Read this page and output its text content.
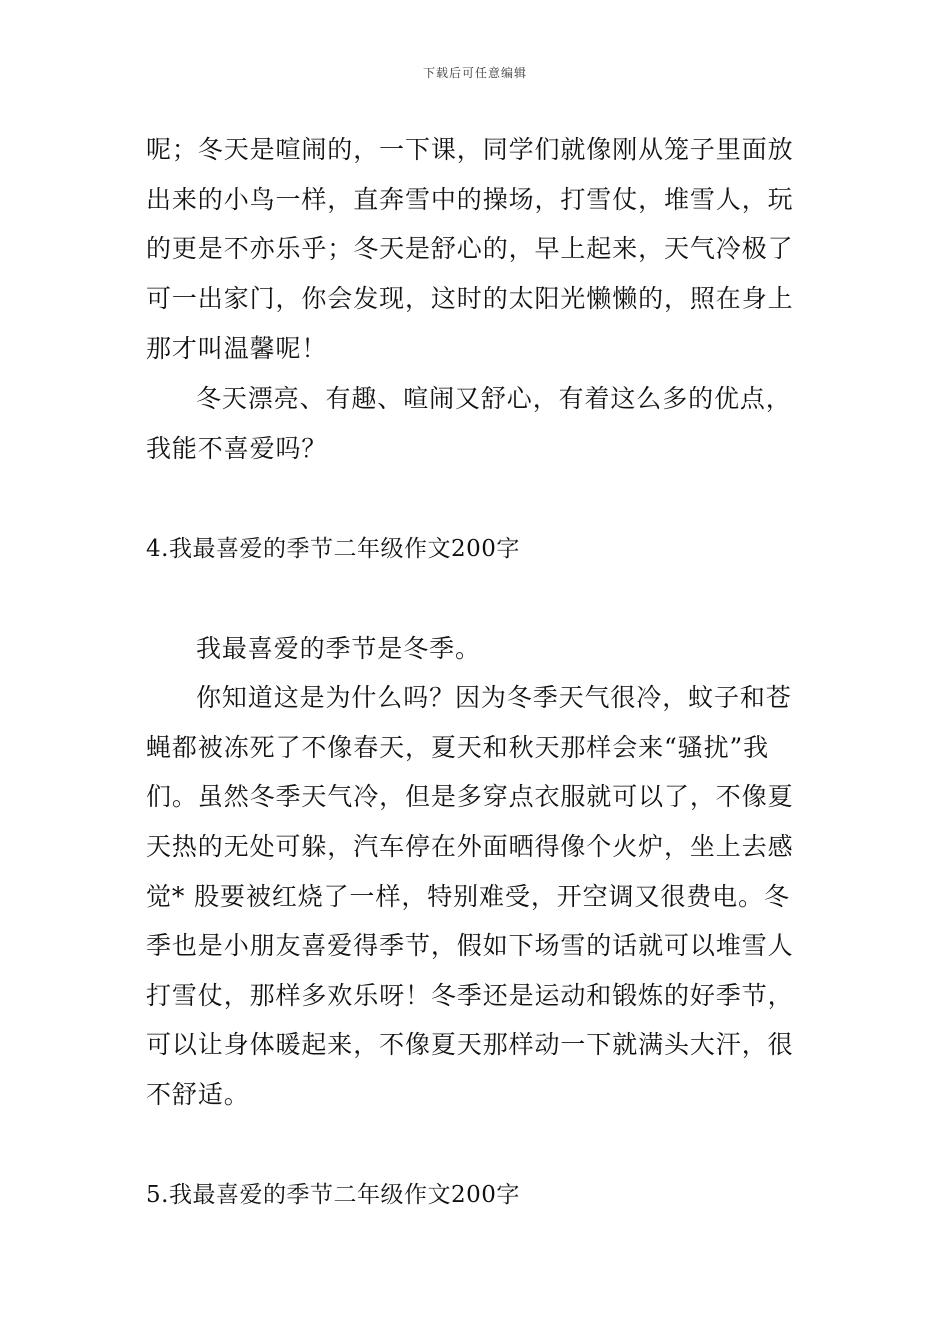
下载后可任意编辑
呢；冬天是喧闹的，一下课，同学们就像刚从笼子里面放
出来的小鸟一样，直奔雪中的操场，打雪仗，堆雪人，玩
的更是不亦乐乎；冬天是舒心的，早上起来，天气冷极了
可一出家门，你会发现，这时的太阳光懒懒的，照在身上
那才叫温馨呢！
冬天漂亮、有趣、喧闹又舒心，有着这么多的优点，
我能不喜爱吗？
4.我最喜爱的季节二年级作文200字
我最喜爱的季节是冬季。
你知道这是为什么吗？因为冬季天气很冷，蚊子和苍
蝇都被冻死了不像春天，夏天和秋天那样会来“骚扰”我
们。虽然冬季天气冷，但是多穿点衣服就可以了，不像夏
天热的无处可躲，汽车停在外面晒得像个火炉，坐上去感
觉* 股要被红烧了一样，特别难受，开空调又很费电。冬
季也是小朋友喜爱得季节，假如下场雪的话就可以堆雪人
打雪仗，那样多欢乐呀！冬季还是运动和锻炼的好季节，
可以让身体暖起来，不像夏天那样动一下就满头大汗，很
不舒适。
5.我最喜爱的季节二年级作文200字
